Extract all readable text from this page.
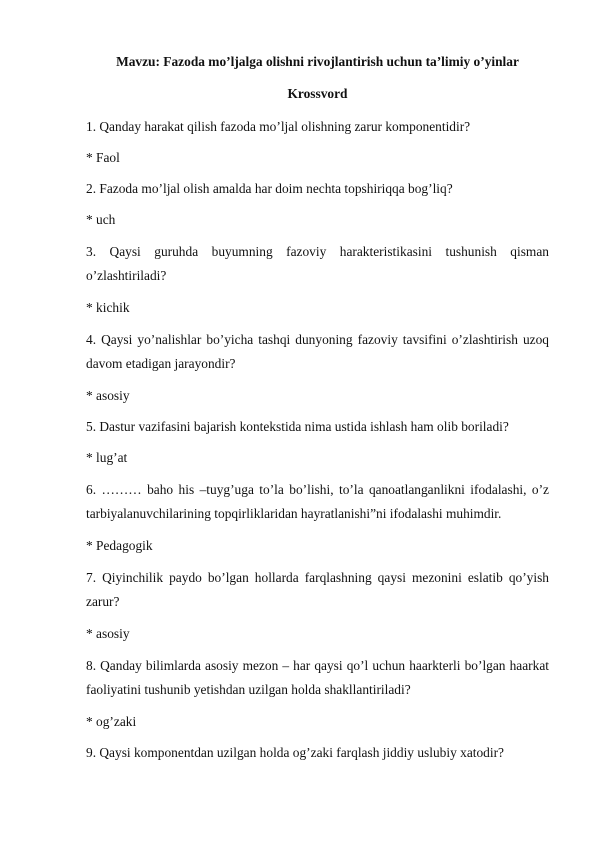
Mavzu: Fazoda mo’ljalga olishni rivojlantirish uchun ta’limiy o’yinlar
Krossvord
1. Qanday harakat qilish fazoda mo’ljal olishning zarur komponentidir?
* Faol
2. Fazoda mo’ljal olish amalda har doim nechta topshiriqqa bog’liq?
* uch
3. Qaysi guruhda buyumning fazoviy harakteristikasini tushunish qisman o’zlashtiriladi?
* kichik
4. Qaysi yo’nalishlar bo’yicha tashqi dunyoning fazoviy tavsifini o’zlashtirish uzoq davom etadigan jarayondir?
* asosiy
5. Dastur vazifasini bajarish kontekstida nima ustida ishlash ham olib boriladi?
* lug’at
6. ……… baho his –tuyg’uga to’la bo’lishi, to’la qanoatlanganlikni ifodalashi, o’z tarbiyalanuvchilarining topqirliklaridan hayratlanishi”ni ifodalashi muhimdir.
* Pedagogik
7. Qiyinchilik paydo bo’lgan hollarda farqlashning qaysi mezonini eslatib qo’yish zarur?
* asosiy
8. Qanday bilimlarda asosiy mezon – har qaysi qo’l uchun haarkterli bo’lgan haarkat faoliyatini tushunib yetishdan uzilgan holda shakllantiriladi?
* og’zaki
9. Qaysi komponentdan uzilgan holda og’zaki farqlash jiddiy uslubiy xatodir?
